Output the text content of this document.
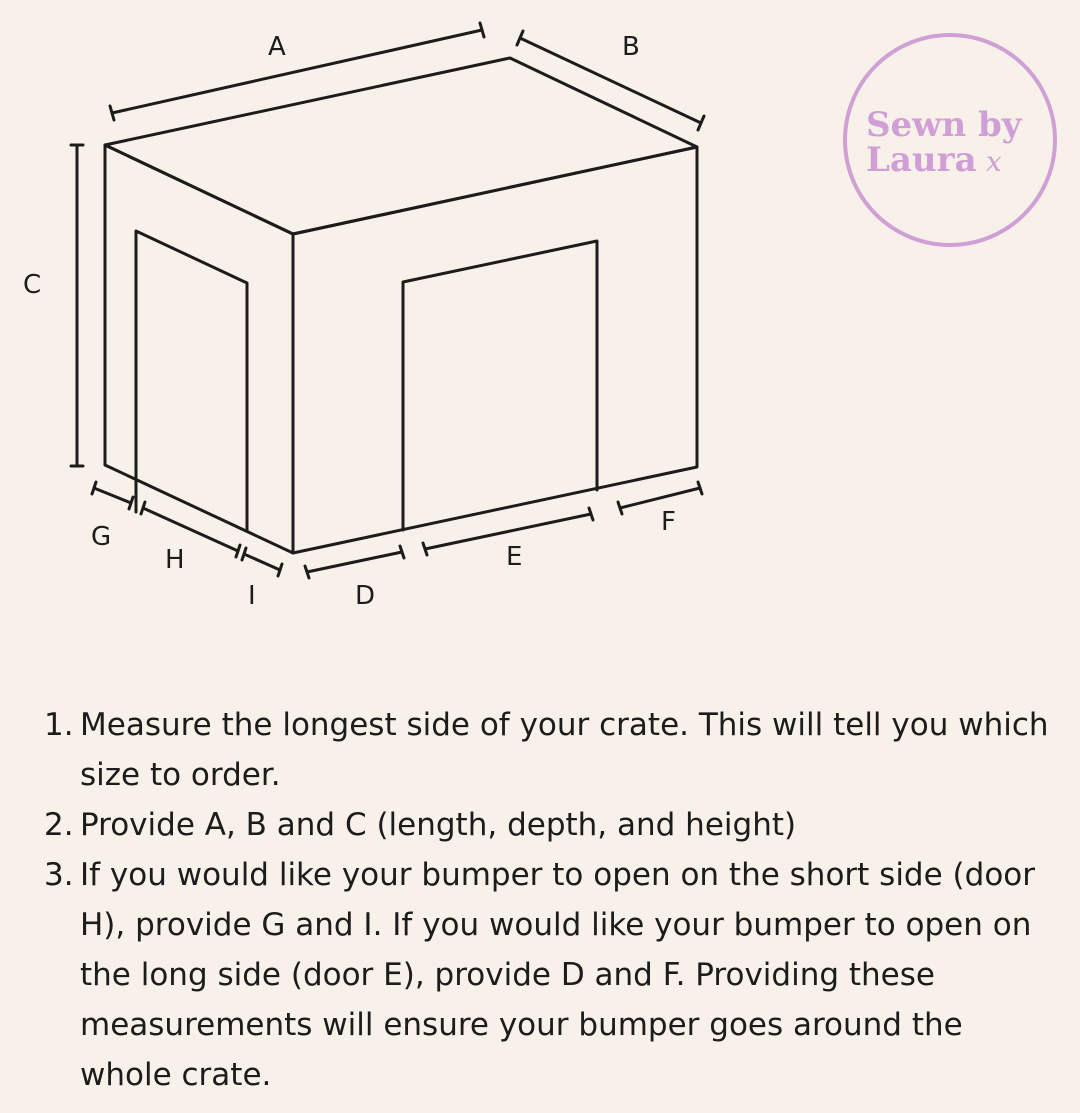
A	B
C
D
E
F
G
H
I
Sewn by
Laura x
1. Measure the longest side of your crate. This will tell you which size to order.
2. Provide A, B and C (length, depth, and height)
3. If you would like your bumper to open on the short side (door H), provide G and I. If you would like your bumper to open on the long side (door E), provide D and F. Providing these measurements will ensure your bumper goes around the whole crate.
